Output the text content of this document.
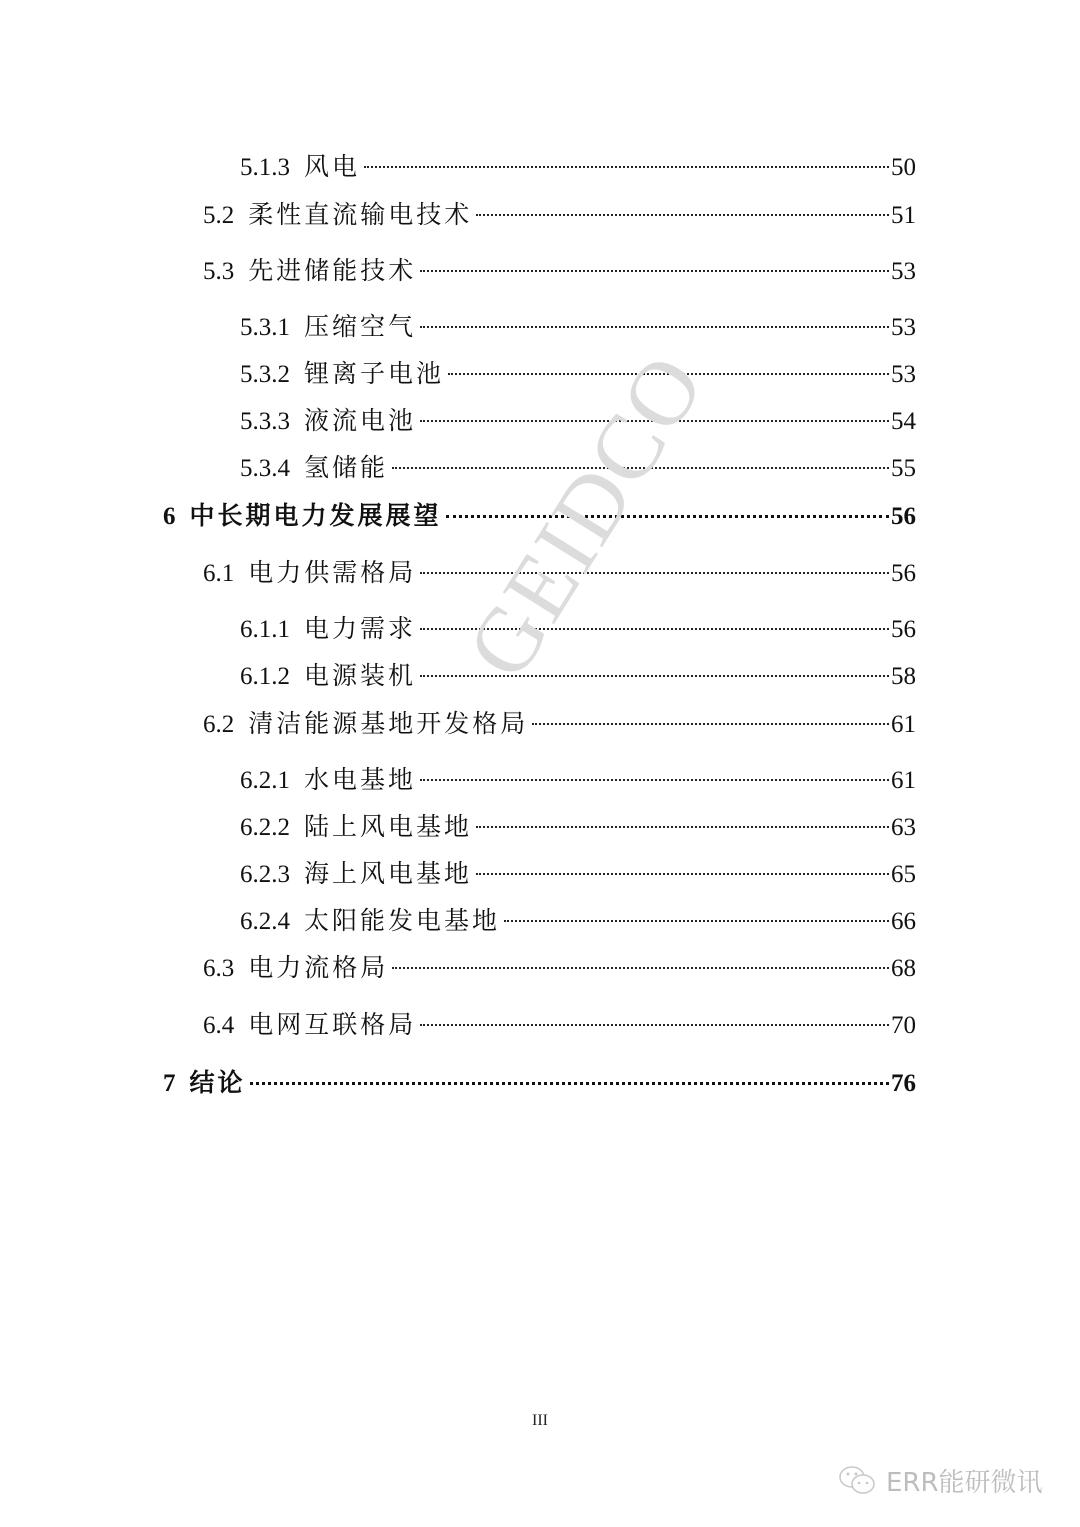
5.1.3 风电	50
5.2 柔性直流输电技术	51
5.3 先进储能技术	53
5.3.1 压缩空气	53
5.3.2 锂离子电池	53
5.3.3 液流电池	54
5.3.4 氢储能	55
6 中长期电力发展展望	56
6.1 电力供需格局	56
6.1.1 电力需求	56
6.1.2 电源装机	58
6.2 清洁能源基地开发格局	61
6.2.1 水电基地	61
6.2.2 陆上风电基地	63
6.2.3 海上风电基地	65
6.2.4 太阳能发电基地	66
6.3 电力流格局	68
6.4 电网互联格局	70
7 结论	76
GEIDCO
III
ERR能研微讯
